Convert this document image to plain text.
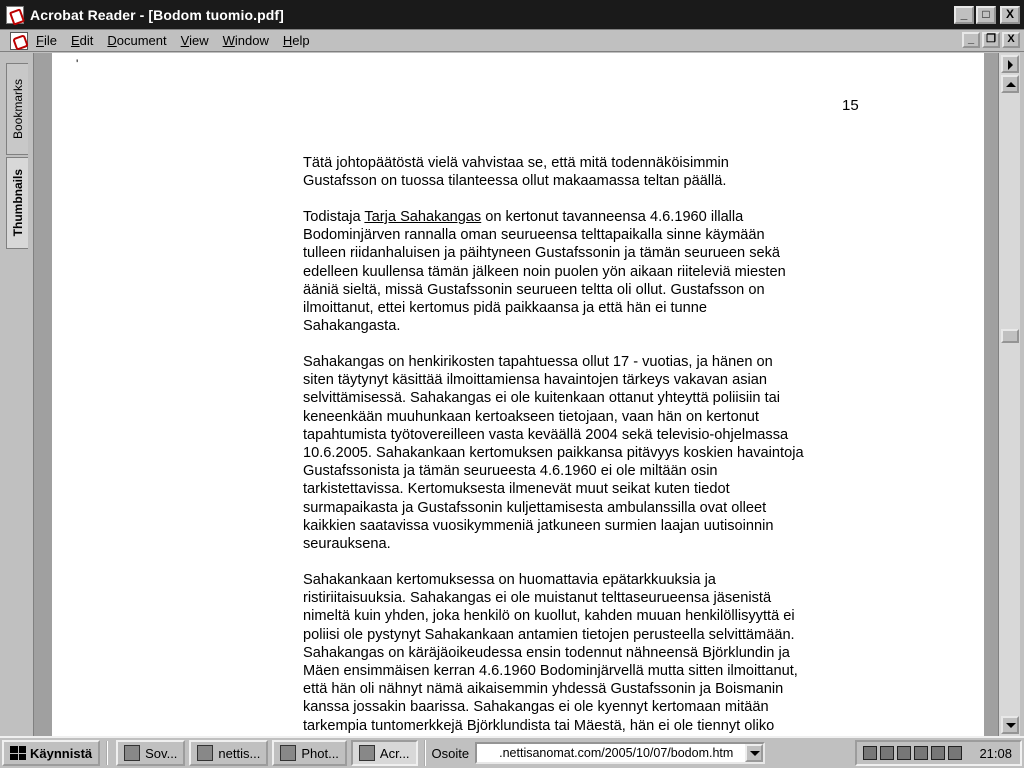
Acrobat Reader - [Bodom tuomio.pdf]	_	□	X
File Edit Document View Window Help	_	❐	X
Bookmarks
Thumbnails
'
15

Tätä johtopäätöstä vielä vahvistaa se, että mitä todennäköisimmin

Gustafsson on tuossa tilanteessa ollut makaamassa teltan päällä.

Todistaja Tarja Sahakangas on kertonut tavanneensa 4.6.1960 illalla

Bodominjärven rannalla oman seurueensa telttapaikalla sinne käymään

tulleen riidanhaluisen ja päihtyneen Gustafssonin ja tämän seurueen sekä

edelleen kuullensa tämän jälkeen noin puolen yön aikaan riiteleviä miesten

ääniä sieltä, missä Gustafssonin seurueen teltta oli ollut. Gustafsson on

ilmoittanut, ettei kertomus pidä paikkaansa ja että hän ei tunne

Sahakangasta.

Sahakangas on henkirikosten tapahtuessa ollut 17 - vuotias, ja hänen on

siten täytynyt käsittää ilmoittamiensa havaintojen tärkeys vakavan asian

selvittämisessä. Sahakangas ei ole kuitenkaan ottanut yhteyttä poliisiin tai

keneenkään muuhunkaan kertoakseen tietojaan, vaan hän on kertonut

tapahtumista työtovereilleen vasta keväällä 2004 sekä televisio-ohjelmassa

10.6.2005. Sahakankaan kertomuksen paikkansa pitävyys koskien havaintoja

Gustafssonista ja tämän seurueesta 4.6.1960 ei ole miltään osin

tarkistettavissa. Kertomuksesta ilmenevät muut seikat kuten tiedot

surmapaikasta ja Gustafssonin kuljettamisesta ambulanssilla ovat olleet

kaikkien saatavissa vuosikymmeniä jatkuneen surmien laajan uutisoinnin

seurauksena.

Sahakankaan kertomuksessa on huomattavia epätarkkuuksia ja

ristiriitaisuuksia. Sahakangas ei ole muistanut telttaseurueensa jäsenistä

nimeltä kuin yhden, joka henkilö on kuollut, kahden muuan henkilöllisyyttä ei

poliisi ole pystynyt Sahakankaan antamien tietojen perusteella selvittämään.

Sahakangas on käräjäoikeudessa ensin todennut nähneensä Björklundin ja

Mäen ensimmäisen kerran 4.6.1960 Bodominjärvellä mutta sitten ilmoittanut,

että hän oli nähnyt nämä aikaisemmin yhdessä Gustafssonin ja Boismanin

kanssa jossakin baarissa. Sahakangas ei ole kyennyt kertomaan mitään

tarkempia tuntomerkkejä Björklundista tai Mäestä, hän ei ole tiennyt oliko

Käynnistä	Sov...	nettis...	Phot...	Acr... Osoite	.nettisanomat.com/2005/10/07/bodom.htm	21:08
